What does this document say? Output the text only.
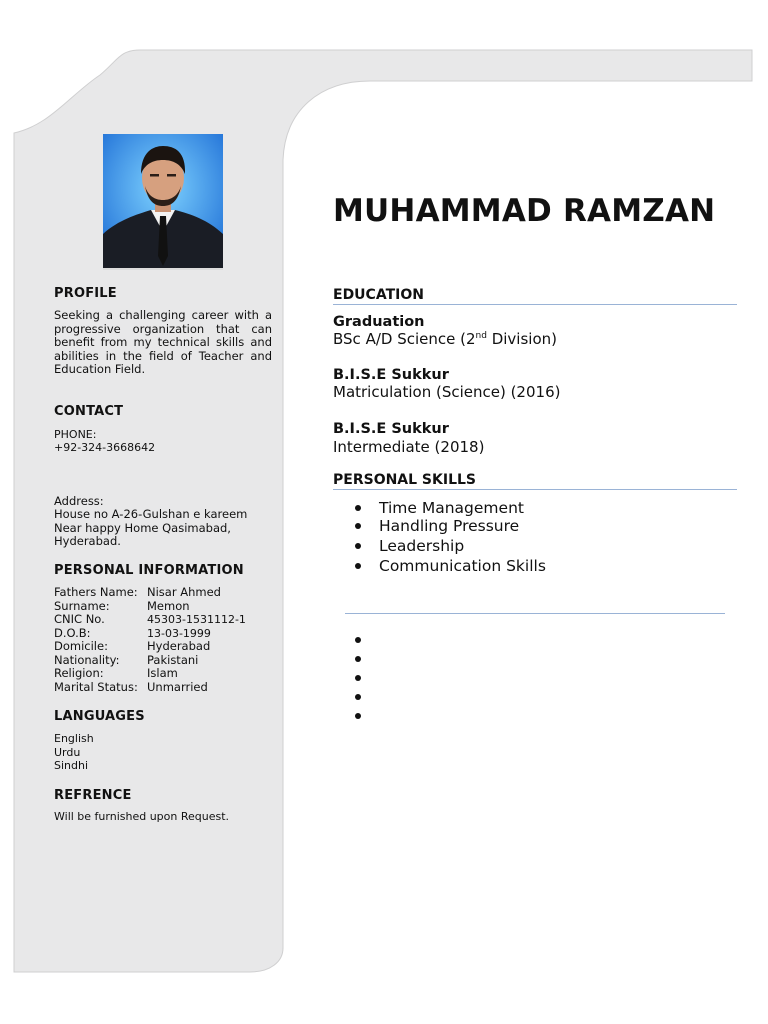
PROFILE
Seeking a challenging career with a progressive organization that can benefit from my technical skills and abilities in the field of Teacher and Education Field.
CONTACT
PHONE:
+92-324-3668642
Address:
House no A-26-Gulshan e kareem
Near happy Home Qasimabad,
Hyderabad.
PERSONAL INFORMATION
Fathers Name: Nisar Ahmed
Surname:	Memon
CNIC No.	45303-1531112-1
D.O.B:	13-03-1999
Domicile:	Hyderabad
Nationality:	Pakistani
Religion:	Islam
Marital Status: Unmarried
LANGUAGES
English
Urdu
Sindhi
REFRENCE
Will be furnished upon Request.
MUHAMMAD RAMZAN
EDUCATION
Graduation
BSc A/D Science (2nd Division)
B.I.S.E Sukkur
Matriculation (Science) (2016)
B.I.S.E Sukkur
Intermediate (2018)
PERSONAL SKILLS
Time Management
Handling Pressure
Leadership
Communication Skills
